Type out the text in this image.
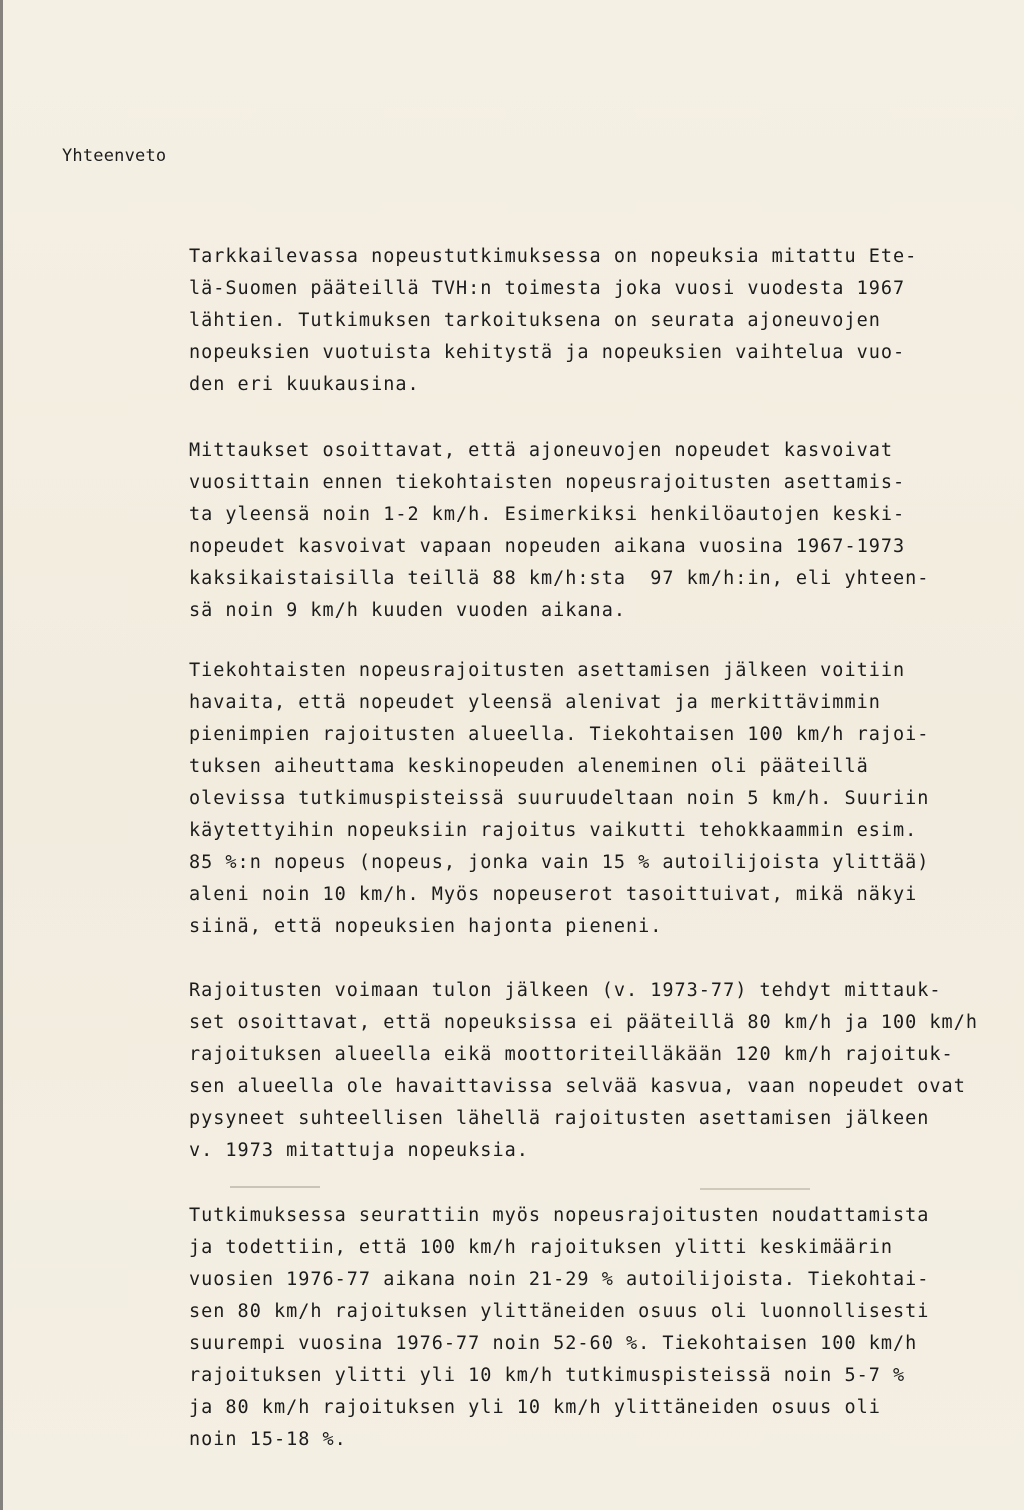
Yhteenveto
Tarkkailevassa nopeustutkimuksessa on nopeuksia mitattu Ete-
lä-Suomen pääteillä TVH:n toimesta joka vuosi vuodesta 1967
lähtien. Tutkimuksen tarkoituksena on seurata ajoneuvojen
nopeuksien vuotuista kehitystä ja nopeuksien vaihtelua vuo-
den eri kuukausina.
Mittaukset osoittavat, että ajoneuvojen nopeudet kasvoivat
vuosittain ennen tiekohtaisten nopeusrajoitusten asettamis-
ta yleensä noin 1-2 km/h. Esimerkiksi henkilöautojen keski-
nopeudet kasvoivat vapaan nopeuden aikana vuosina 1967-1973
kaksikaistaisilla teillä 88 km/h:sta  97 km/h:in, eli yhteen-
sä noin 9 km/h kuuden vuoden aikana.
Tiekohtaisten nopeusrajoitusten asettamisen jälkeen voitiin
havaita, että nopeudet yleensä alenivat ja merkittävimmin
pienimpien rajoitusten alueella. Tiekohtaisen 100 km/h rajoi-
tuksen aiheuttama keskinopeuden aleneminen oli pääteillä
olevissa tutkimuspisteissä suuruudeltaan noin 5 km/h. Suuriin
käytettyihin nopeuksiin rajoitus vaikutti tehokkaammin esim.
85 %:n nopeus (nopeus, jonka vain 15 % autoilijoista ylittää)
aleni noin 10 km/h. Myös nopeuserot tasoittuivat, mikä näkyi
siinä, että nopeuksien hajonta pieneni.
Rajoitusten voimaan tulon jälkeen (v. 1973-77) tehdyt mittauk-
set osoittavat, että nopeuksissa ei pääteillä 80 km/h ja 100 km/h
rajoituksen alueella eikä moottoriteilläkään 120 km/h rajoituk-
sen alueella ole havaittavissa selvää kasvua, vaan nopeudet ovat
pysyneet suhteellisen lähellä rajoitusten asettamisen jälkeen
v. 1973 mitattuja nopeuksia.
Tutkimuksessa seurattiin myös nopeusrajoitusten noudattamista
ja todettiin, että 100 km/h rajoituksen ylitti keskimäärin
vuosien 1976-77 aikana noin 21-29 % autoilijoista. Tiekohtai-
sen 80 km/h rajoituksen ylittäneiden osuus oli luonnollisesti
suurempi vuosina 1976-77 noin 52-60 %. Tiekohtaisen 100 km/h
rajoituksen ylitti yli 10 km/h tutkimuspisteissä noin 5-7 %
ja 80 km/h rajoituksen yli 10 km/h ylittäneiden osuus oli
noin 15-18 %.
